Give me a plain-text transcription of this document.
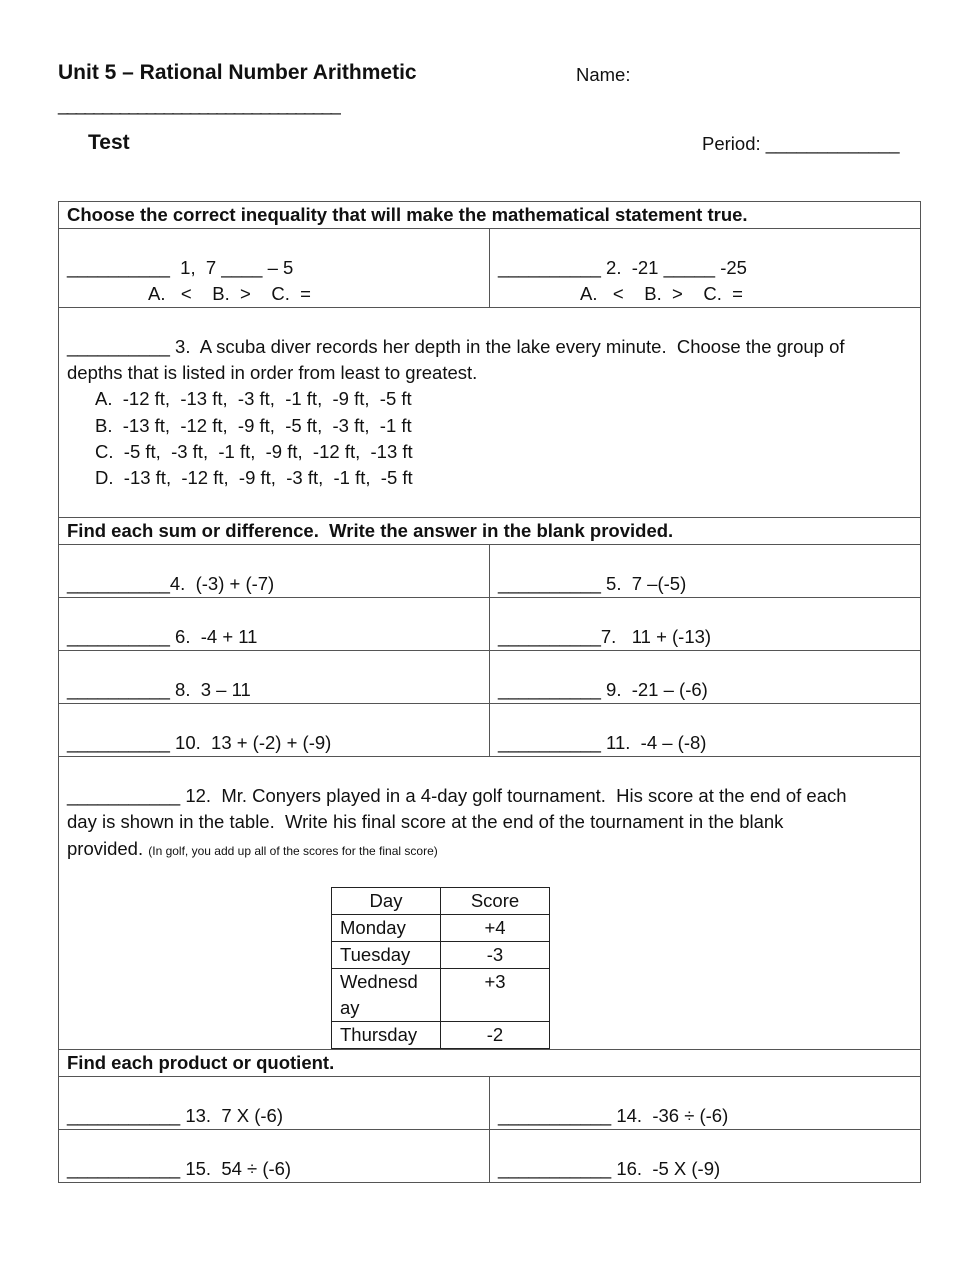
Unit 5 – Rational Number Arithmetic	Name:
________________________________
Test	Period: _____________
Choose the correct inequality that will make the mathematical statement true.
__________  1,  7 ____ – 5
A.   <    B.  >    C.  =
__________ 2.  -21 _____ -25
A.   <    B.  >    C.  =
__________ 3.  A scuba diver records her depth in the lake every minute.  Choose the group of
depths that is listed in order from least to greatest.
A.  -12 ft,  -13 ft,  -3 ft,  -1 ft,  -9 ft,  -5 ft
B.  -13 ft,  -12 ft,  -9 ft,  -5 ft,  -3 ft,  -1 ft
C.  -5 ft,  -3 ft,  -1 ft,  -9 ft,  -12 ft,  -13 ft
D.  -13 ft,  -12 ft,  -9 ft,  -3 ft,  -1 ft,  -5 ft
Find each sum or difference.  Write the answer in the blank provided.
__________4.  (-3) + (-7)	__________ 5.  7 –(-5)
__________ 6.  -4 + 11	__________7.   11 + (-13)
__________ 8.  3 – 11	__________ 9.  -21 – (-6)
__________ 10.  13 + (-2) + (-9)	__________ 11.  -4 – (-8)
___________ 12.  Mr. Conyers played in a 4-day golf tournament.  His score at the end of each
day is shown in the table.  Write his final score at the end of the tournament in the blank
provided. (In golf, you add up all of the scores for the final score)
Day	Score
Monday	+4
Tuesday	-3
Wednesd ay	+3
Thursday	-2
Find each product or quotient.
___________ 13.  7 X (-6)	___________ 14.  -36 ÷ (-6)
___________ 15.  54 ÷ (-6)	___________ 16.  -5 X (-9)
